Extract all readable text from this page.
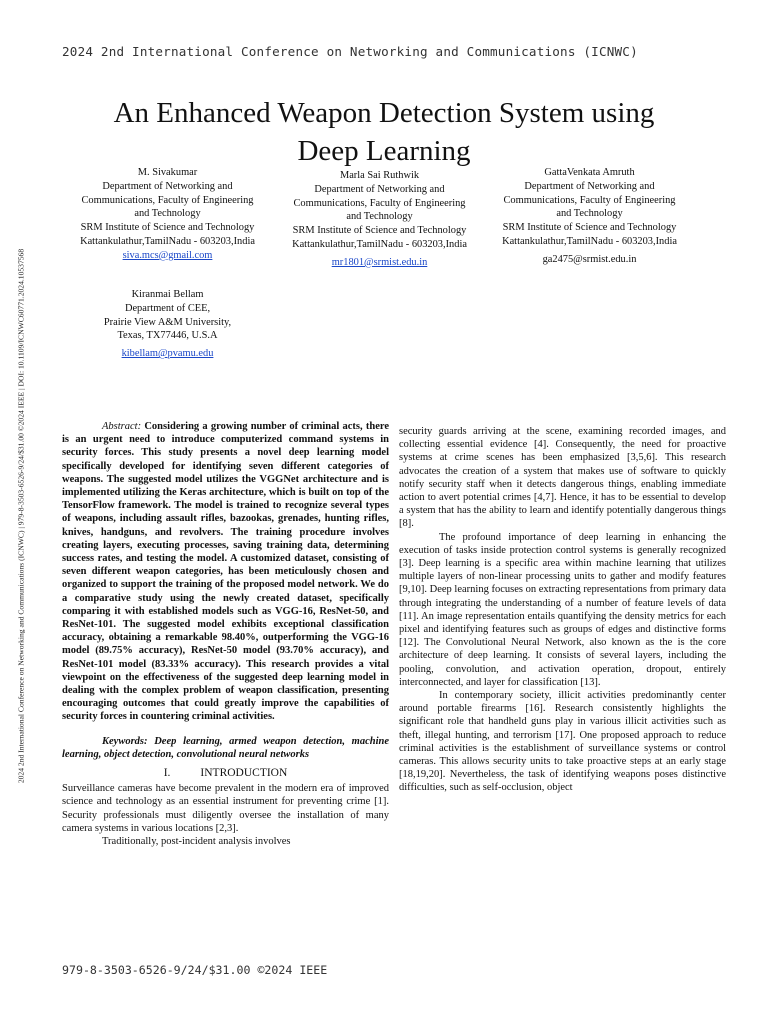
2024 2nd International Conference on Networking and Communications (ICNWC)
2024 2nd International Conference on Networking and Communications (ICNWC) | 979-8-3503-6526-9/24/$31.00 ©2024 IEEE | DOI: 10.1109/ICNWC60771.2024.10537568
An Enhanced Weapon Detection System using
Deep Learning
M. Sivakumar
Department of Networking and
Communications, Faculty of Engineering
and Technology
SRM Institute of Science and Technology
Kattankulathur,TamilNadu - 603203,India
siva.mcs@gmail.com
Marla Sai Ruthwik
Department of Networking and
Communications, Faculty of Engineering
and Technology
SRM Institute of Science and Technology
Kattankulathur,TamilNadu - 603203,India
mr1801@srmist.edu.in
GattaVenkata Amruth
Department of Networking and
Communications, Faculty of Engineering
and Technology
SRM Institute of Science and Technology
Kattankulathur,TamilNadu - 603203,India
ga2475@srmist.edu.in
Kiranmai Bellam
Department of CEE,
Prairie View A&M University,
Texas, TX77446, U.S.A
kibellam@pvamu.edu

Abstract: Considering a growing number of criminal acts, there is an urgent need to introduce computerized command systems in security forces. This study presents a novel deep learning model specifically developed for identifying seven different categories of weapons. The suggested model utilizes the VGGNet architecture and is implemented utilizing the Keras architecture, which is built on top of the TensorFlow framework. The model is trained to recognize several types of weapons, including assault rifles, bazookas, grenades, hunting rifles, knives, handguns, and revolvers. The training procedure involves creating layers, executing processes, saving training data, determining success rates, and testing the model. A customized dataset, consisting of seven different weapon categories, has been meticulously chosen and organized to support the training of the proposed model network. We do a comparative study using the newly created dataset, specifically comparing it with established models such as VGG-16, ResNet-50, and ResNet-101. The suggested model exhibits exceptional classification accuracy, obtaining a remarkable 98.40%, outperforming the VGG-16 model (89.75% accuracy), ResNet-50 model (93.70% accuracy), and ResNet-101 model (83.33% accuracy). This research provides a vital viewpoint on the effectiveness of the suggested deep learning model in dealing with the complex problem of weapon classification, presenting encouraging outcomes that could greatly improve the capabilities of security forces in countering criminal activities.

Keywords: Deep learning, armed weapon detection, machine learning, object detection, convolutional neural networks

I.	INTRODUCTION

Surveillance cameras have become prevalent in the modern era of improved science and technology as an essential instrument for preventing crime [1]. Security professionals must diligently oversee the installation of many camera systems in various locations [2,3].

Traditionally, post-incident analysis involves

security guards arriving at the scene, examining recorded images, and collecting essential evidence [4]. Consequently, the need for proactive systems at crime scenes has been emphasized [3,5,6]. This research advocates the creation of a system that makes use of software to quickly notify security staff when it detects dangerous things, enabling immediate action to avert potential crimes [4,7]. Hence, it has to be essential to develop a system that has the ability to learn and identify potentially dangerous things [8].

The profound importance of deep learning in enhancing the execution of tasks inside protection control systems is generally recognized [3]. Deep learning is a specific area within machine learning that utilizes multiple layers of non-linear processing units to gather and modify features [9,10]. Deep learning focuses on extracting representations from primary data through integrating the understanding of a number of feature levels of data [11]. An image representation entails quantifying the density metrics for each pixel and identifying features such as groups of edges and distinctive forms [12]. The Convolutional Neural Network, also known as the is the core architecture of deep learning. It consists of several layers, including the pooling, convolution, and activation operation, dropout, entirely interconnected, and layer for classification [13].

In contemporary society, illicit activities predominantly center around portable firearms [16]. Research consistently highlights the significant role that handheld guns play in various illicit activities such as theft, illegal hunting, and terrorism [17]. One proposed approach to reduce criminal activities is the establishment of surveillance systems or control cameras. This allows security units to take proactive steps at an early stage [18,19,20]. Nevertheless, the task of identifying weapons poses distinctive difficulties, such as self-occlusion, object

979-8-3503-6526-9/24/$31.00 ©2024 IEEE
